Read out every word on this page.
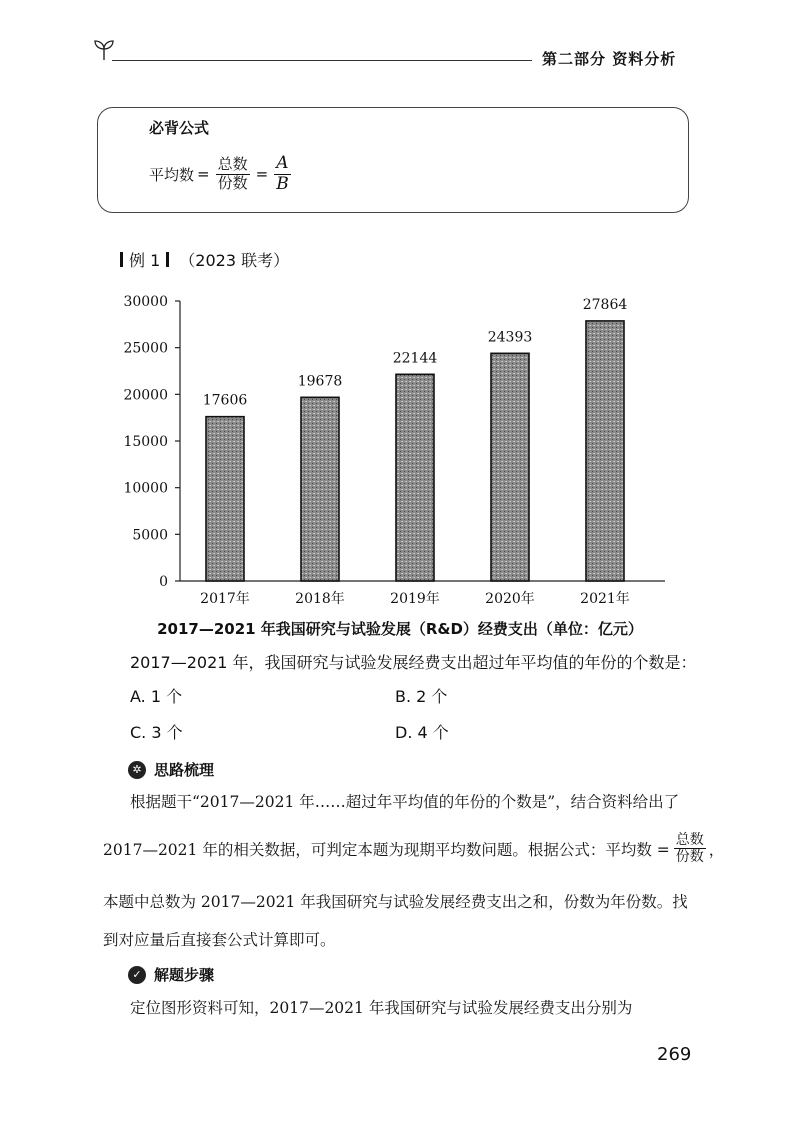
第二部分 资料分析
必背公式
平均数 = $\frac{\text{总数}}{\text{份数}} = \frac{A}{B}$
例 1 （2023 联考）
0
5000
10000
15000
20000
25000
30000
17606
2017年
19678
2018年
22144
2019年
24393
2020年
27864
2021年
2017—2021 年我国研究与试验发展（R&D）经费支出（单位：亿元）
2017—2021 年，我国研究与试验发展经费支出超过年平均值的年份的个数是：
A. 1 个	B. 2 个
C. 3 个	D. 4 个
✲ 思路梳理
根据题干“2017—2021 年……超过年平均值的年份的个数是”，结合资料给出了
2017—2021 年的相关数据，可判定本题为现期平均数问题。根据公式：平均数 = $\frac{\text{总数}}{\text{份数}}$ ，
本题中总数为 2017—2021 年我国研究与试验发展经费支出之和，份数为年份数。找
到对应量后直接套公式计算即可。
✓ 解题步骤
定位图形资料可知，2017—2021 年我国研究与试验发展经费支出分别为
269
